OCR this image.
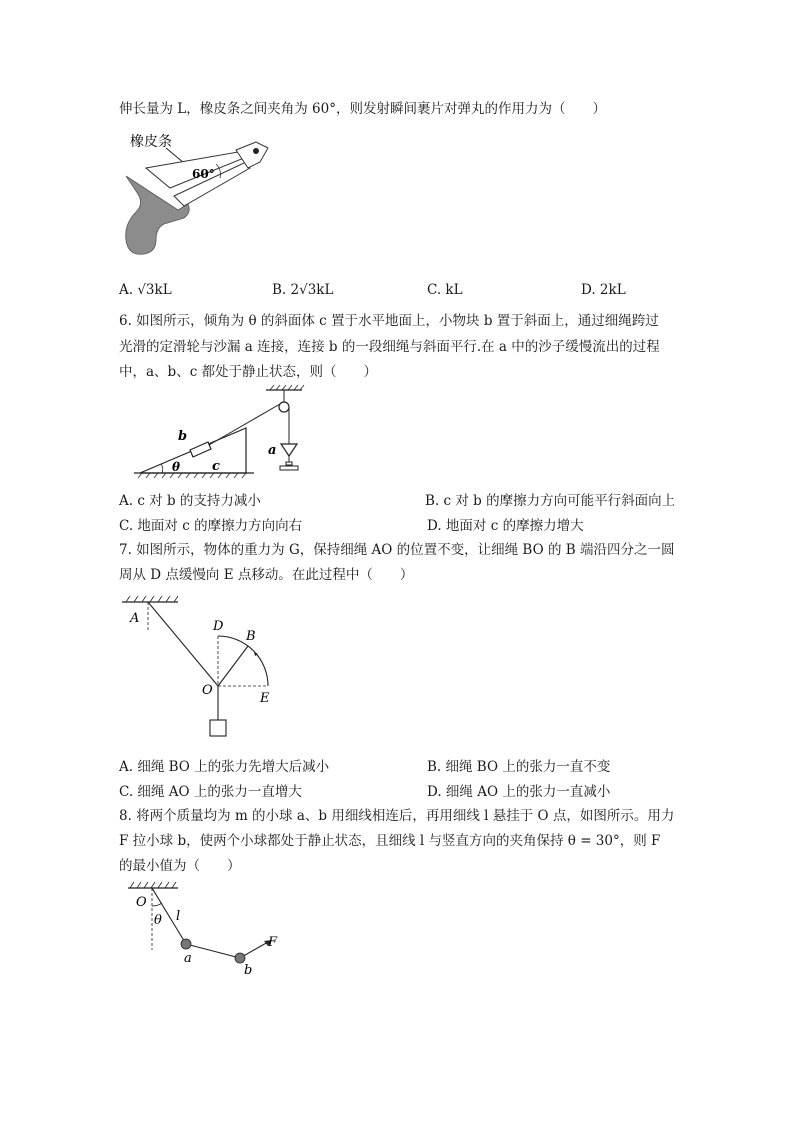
伸长量为 L，橡皮条之间夹角为 60°，则发射瞬间裹片对弹丸的作用力为（　　）
橡皮条
60°
A. √3kL	B. 2√3kL	C. kL	D. 2kL
6. 如图所示，倾角为 θ 的斜面体 c 置于水平地面上，小物块 b 置于斜面上，通过细绳跨过
光滑的定滑轮与沙漏 a 连接，连接 b 的一段细绳与斜面平行.在 a 中的沙子缓慢流出的过程
中，a、b、c 都处于静止状态，则（　　）
b
a
θ c
A. c 对 b 的支持力减小	B. c 对 b 的摩擦力方向可能平行斜面向上
C. 地面对 c 的摩擦力方向向右	D. 地面对 c 的摩擦力增大
7. 如图所示，物体的重力为 G，保持细绳 AO 的位置不变，让细绳 BO 的 B 端沿四分之一圆
周从 D 点缓慢向 E 点移动。在此过程中（　　）
A
D
B
O
E
A. 细绳 BO 上的张力先增大后减小	B. 细绳 BO 上的张力一直不变
C. 细绳 AO 上的张力一直增大	D. 细绳 AO 上的张力一直减小
8. 将两个质量均为 m 的小球 a、b 用细线相连后，再用细线 l 悬挂于 O 点，如图所示。用力
F 拉小球 b，使两个小球都处于静止状态，且细线 l 与竖直方向的夹角保持 θ = 30°，则 F
的最小值为（　　）
O
θ l
F
a
b
